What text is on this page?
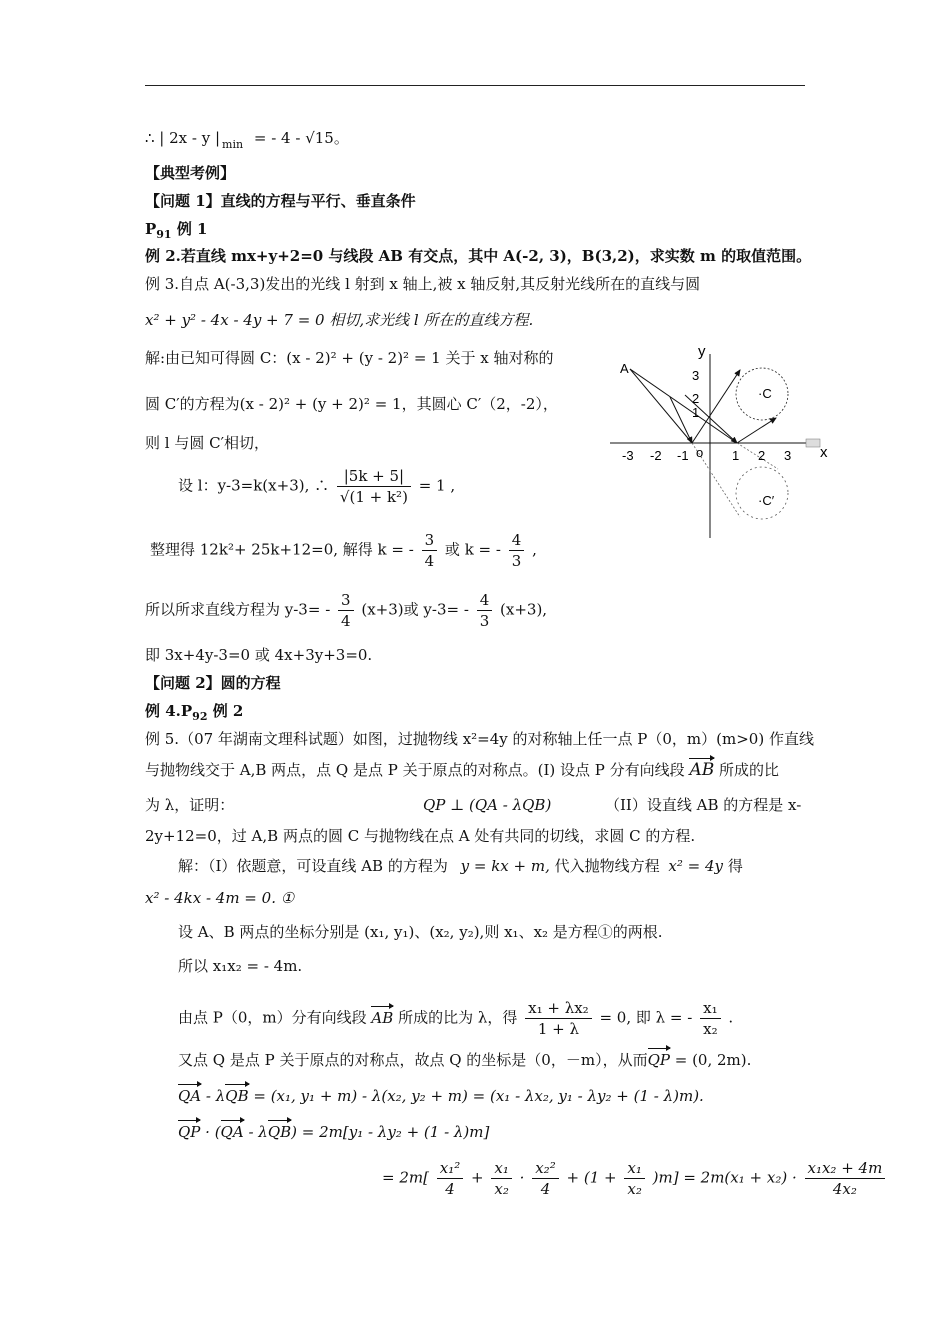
∴ | 2x - y | $_{min}$ = - 4 - √15。
【典型考例】
【问题 1】直线的方程与平行、垂直条件
$P_{91}$ 例 1
例 2.若直线 mx+y+2=0 与线段 AB 有交点，其中 A(-2, 3)，B(3,2)，求实数 m 的取值范围。
例 3.自点 A(-3,3)发出的光线 l 射到 x 轴上,被 x 轴反射,其反射光线所在的直线与圆
x² + y² - 4x - 4y + 7 = 0 相切,求光线 l 所在的直线方程.
解:由已知可得圆 C：(x - 2)² + (y - 2)² = 1 关于 x 轴对称的
圆 C′的方程为(x - 2)² + (y + 2)² = 1，其圆心 C′（2，-2），
则 l 与圆 C′相切，
设 l：y-3=k(x+3), ∴ $\frac{|5k + 5|}{\text{√(1 + k²)}} = 1$ ,
整理得 12k²+ 25k+12=0, 解得 k = - $\frac{3}{4}$ 或 k = - $\frac{4}{3}$ ,
所以所求直线方程为 $y-3= - \frac{3}{4} (x+3)$或 $y-3= - \frac{4}{3} (x+3)$,
即 3x+4y-3=0 或 4x+3y+3=0.
【问题 2】圆的方程
例 $4.P_{92}$ 例 2
例 5.（07 年湖南文理科试题）如图，过抛物线 x²=4y 的对称轴上任一点 P（0，m）(m>0) 作直线
与抛物线交于 A,B 两点，点 Q 是点 P 关于原点的对称点。(I) 设点 P 分有向线段 AB 所成的比
为 λ，证明：	QP ⊥ (QA - λQB)	（II）设直线 AB 的方程是 x-
2y+12=0，过 A,B 两点的圆 C 与抛物线在点 A 处有共同的切线，求圆 C 的方程.
解：（Ⅰ）依题意，可设直线 AB 的方程为 y = kx + m, 代入抛物线方程 x² = 4y 得
x² - 4kx - 4m = 0. ①
设 A、B 两点的坐标分别是 (x₁, y₁)、(x₂, y₂),则 x₁、x₂ 是方程①的两根.
所以 x₁x₂ = - 4m.
由点 P（0，m）分有向线段 AB 所成的比为 λ，得 $\frac{\text{x₁ + λx₂}}{1 + \lambda} = 0$, 即 λ = - $\frac{\text{x₁}}{\text{x₂}}$ .
又点 Q 是点 P 关于原点的对称点，故点 Q 的坐标是（0，－m），从而QP = (0, 2m).
QA - λQB = (x₁, y₁ + m) - λ(x₂, y₂ + m) = (x₁ - λx₂, y₁ - λy₂ + (1 - λ)m).
QP · (QA - λQB) = 2m[y₁ - λy₂ + (1 - λ)m]
= $2m[ \frac{\text{x₁²}}{4} + \frac{\text{x₁}}{\text{x₂}} \cdot \frac{\text{x₂²}}{4} + (1 + \frac{\text{x₁}}{\text{x₂}} )m] = 2m(x_1 + x_2) \cdot \frac{\text{x₁x₂ + 4m}}{\text{4x₂}}$
A
y
x
o
-3 -2 -1	1 2 3
3
2
1
·C
·C′
